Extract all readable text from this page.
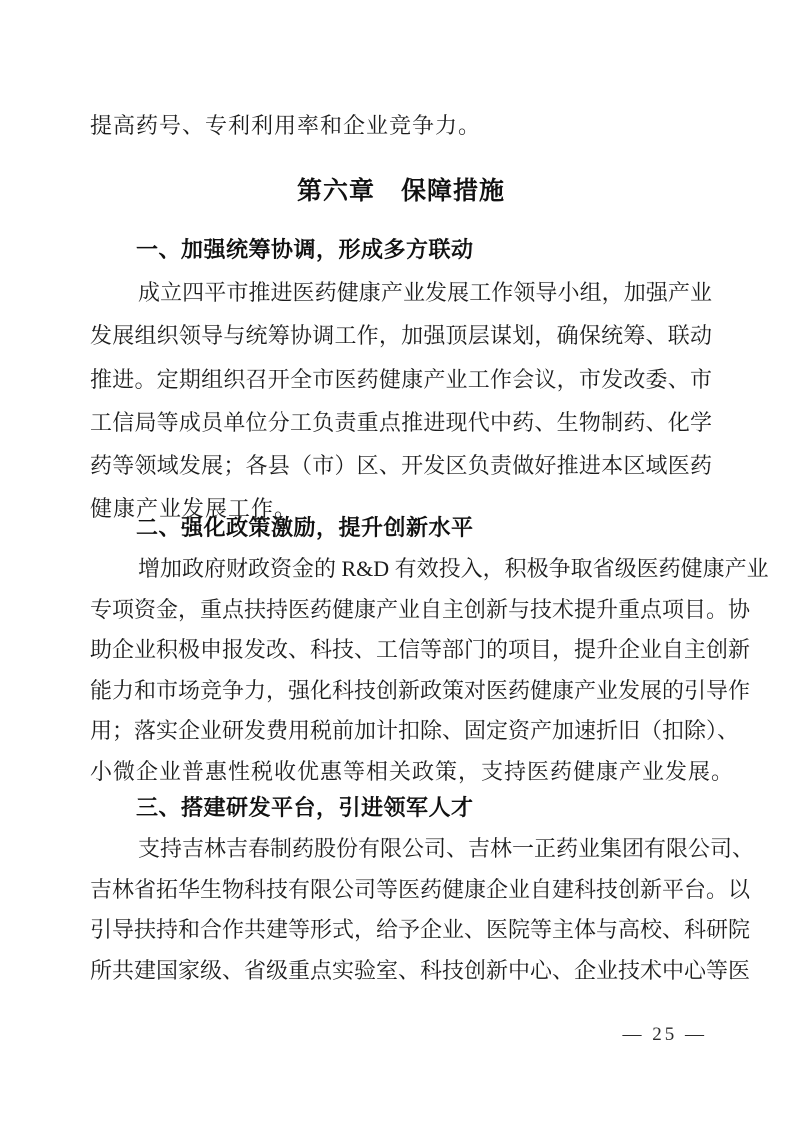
提高药号、专利利用率和企业竞争力。
第六章　保障措施
一、加强统筹协调，形成多方联动
成立四平市推进医药健康产业发展工作领导小组，加强产业
发展组织领导与统筹协调工作，加强顶层谋划，确保统筹、联动
推进。定期组织召开全市医药健康产业工作会议，市发改委、市
工信局等成员单位分工负责重点推进现代中药、生物制药、化学
药等领域发展；各县（市）区、开发区负责做好推进本区域医药
健康产业发展工作。
二、强化政策激励，提升创新水平
增加政府财政资金的 R&D 有效投入，积极争取省级医药健康产业
专项资金，重点扶持医药健康产业自主创新与技术提升重点项目。协
助企业积极申报发改、科技、工信等部门的项目，提升企业自主创新
能力和市场竞争力，强化科技创新政策对医药健康产业发展的引导作
用；落实企业研发费用税前加计扣除、固定资产加速折旧（扣除）、
小微企业普惠性税收优惠等相关政策，支持医药健康产业发展。
三、搭建研发平台，引进领军人才
支持吉林吉春制药股份有限公司、吉林一正药业集团有限公司、
吉林省拓华生物科技有限公司等医药健康企业自建科技创新平台。以
引导扶持和合作共建等形式，给予企业、医院等主体与高校、科研院
所共建国家级、省级重点实验室、科技创新中心、企业技术中心等医
— 25 —
